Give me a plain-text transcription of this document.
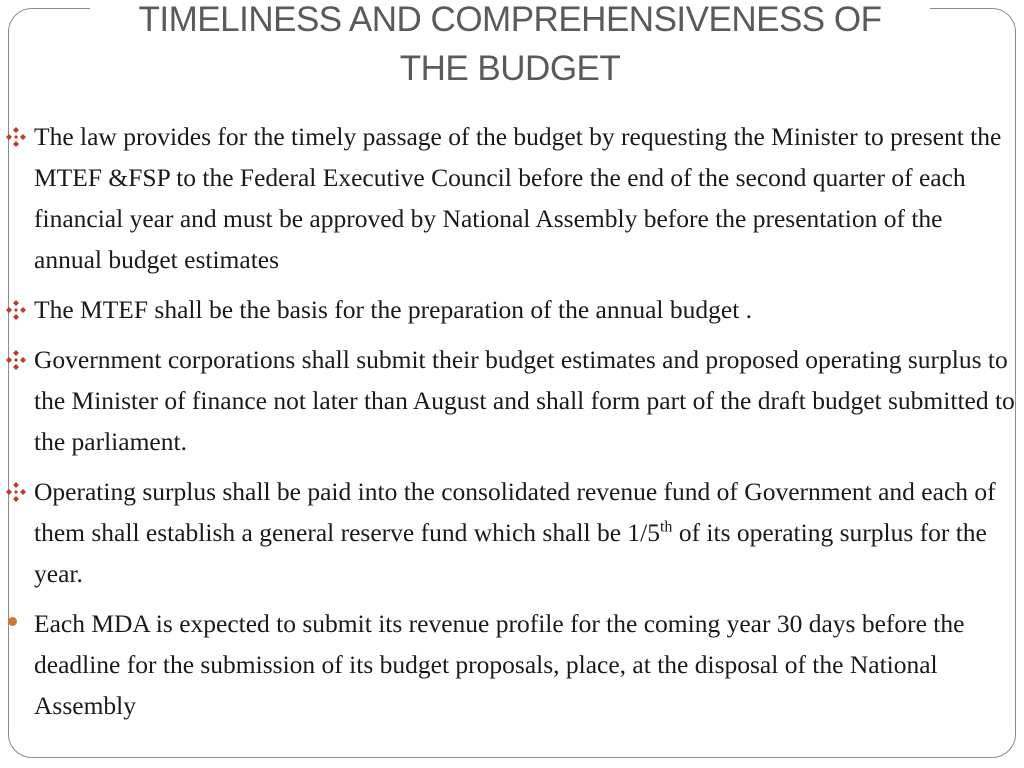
TIMELINESS AND COMPREHENSIVENESS OF
THE BUDGET
The law provides for the timely passage of the budget by requesting the Minister to present the MTEF &FSP to the Federal Executive Council before the end of the second quarter of each financial year and must be approved by National Assembly before the presentation of the annual budget estimates
The MTEF shall be the basis for the preparation of the annual budget .
Government corporations shall submit their budget estimates and proposed operating surplus to the Minister of finance not later than August and shall form part of the draft budget submitted to the parliament.
Operating surplus shall be paid into the consolidated revenue fund of Government and each of them shall establish a general reserve fund which shall be 1/5th of its operating surplus for the year.
Each MDA is expected to submit its revenue profile for the coming year 30 days before the deadline for the submission of its budget proposals, place, at the disposal of the National Assembly
